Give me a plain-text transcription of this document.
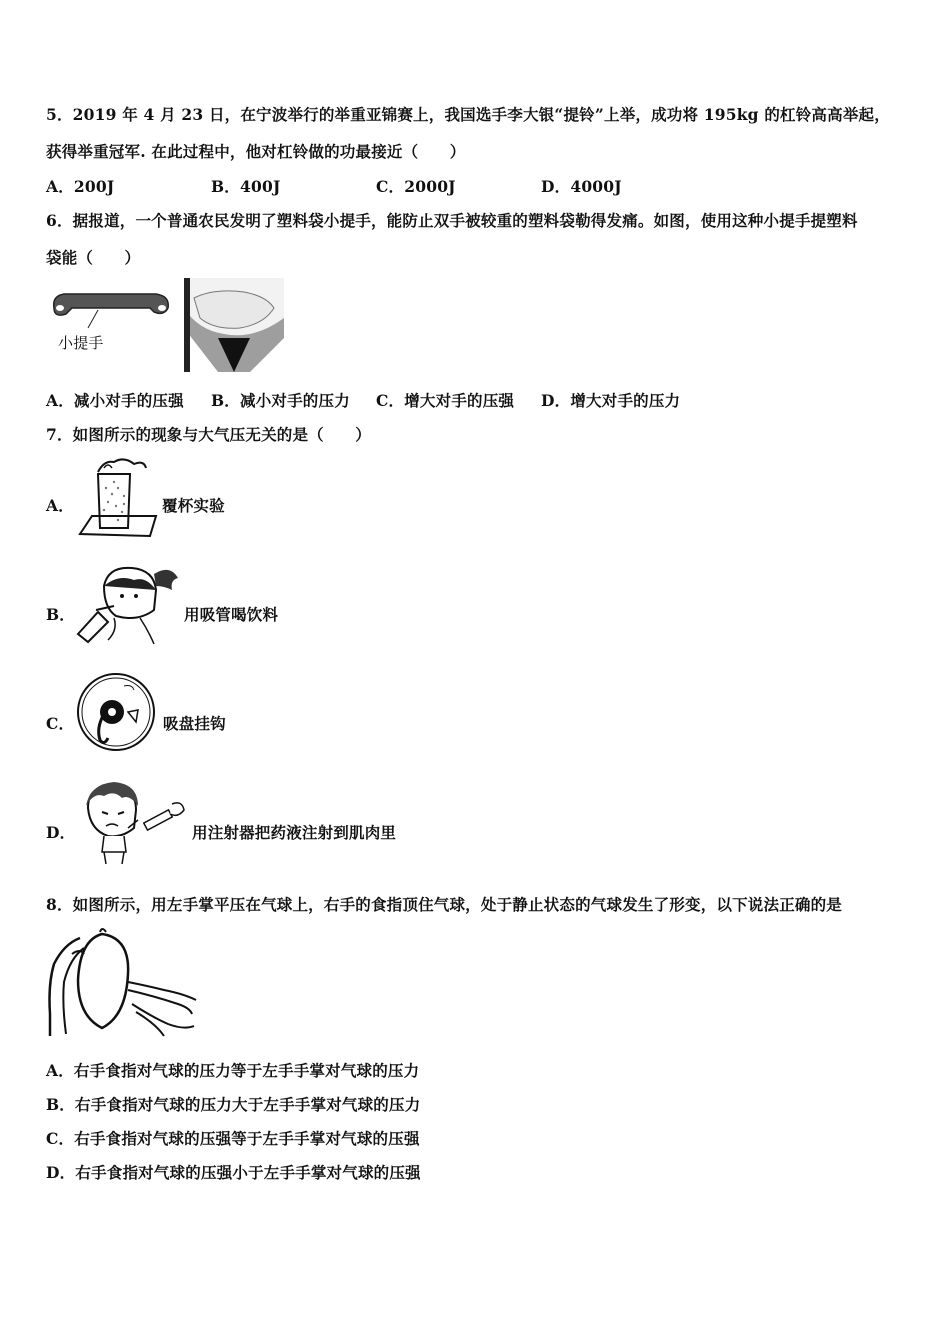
5．2019 年 4 月 23 日，在宁波举行的举重亚锦赛上，我国选手李大银“提铃”上举，成功将 195kg 的杠铃高高举起，
获得举重冠军. 在此过程中，他对杠铃做的功最接近（　　）
A．200J	B．400J	C．2000J	D．4000J
6．据报道，一个普通农民发明了塑料袋小提手，能防止双手被较重的塑料袋勒得发痛。如图，使用这种小提手提塑料
袋能（　　）
小提手
A．减小对手的压强 B．减小对手的压力 C．增大对手的压强 D．增大对手的压力
7．如图所示的现象与大气压无关的是（　　）
A．	覆杯实验
B．	用吸管喝饮料
C．	吸盘挂钩
D．	用注射器把药液注射到肌肉里
8．如图所示，用左手掌平压在气球上，右手的食指顶住气球，处于静止状态的气球发生了形变，以下说法正确的是
A．右手食指对气球的压力等于左手手掌对气球的压力
B．右手食指对气球的压力大于左手手掌对气球的压力
C．右手食指对气球的压强等于左手手掌对气球的压强
D．右手食指对气球的压强小于左手手掌对气球的压强
